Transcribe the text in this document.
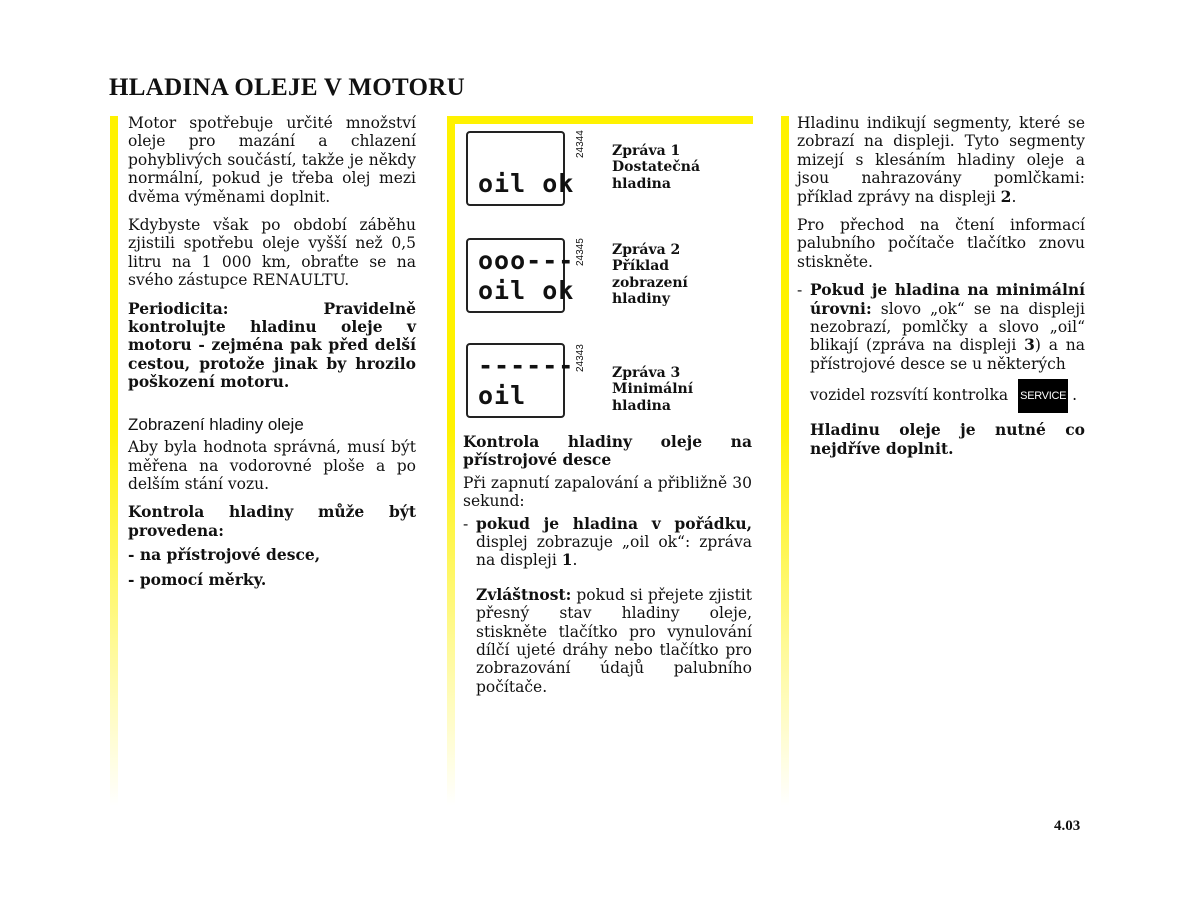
HLADINA OLEJE V MOTORU

Motor spotřebuje určité množství oleje pro mazání a chlazení pohyblivých součástí, takže je někdy normální, pokud je třeba olej mezi dvěma výměnami doplnit.

Kdybyste však po období záběhu zjistili spotřebu oleje vyšší než 0,5 litru na 1 000 km, obraťte se na svého zástupce RENAULTU.

Periodicita: Pravidelně kontrolujte hladinu oleje v motoru - zejména pak před delší cestou, protože jinak by hrozilo poškození motoru.

Zobrazení hladiny oleje

Aby byla hodnota správná, musí být měřena na vodorovné ploše a po delším stání vozu.

Kontrola hladiny může být provedena:

- na přístrojové desce,

- pomocí měrky.

oil ok
24344 Zpráva 1
Dostatečná
hladina
ooo---
oil ok
24345 Zpráva 2
Příklad
zobrazení
hladiny
------
oil
24343
Zpráva 3
Minimální
hladina

Kontrola hladiny oleje na přístrojové desce

Při zapnutí zapalování a přibližně 30 sekund:

- pokud je hladina v pořádku, displej zobrazuje „oil ok“: zpráva na displeji 1.
Zvláštnost: pokud si přejete zjistit přesný stav hladiny oleje, stiskněte tlačítko pro vynulování dílčí ujeté dráhy nebo tlačítko pro zobrazování údajů palubního počítače.

Hladinu indikují segmenty, které se zobrazí na displeji. Tyto segmenty mizejí s klesáním hladiny oleje a jsou nahrazovány pomlčkami: příklad zprávy na displeji 2.

Pro přechod na čtení informací palubního počítače tlačítko znovu stiskněte.

- Pokud je hladina na minimální úrovni: slovo „ok“ se na displeji nezobrazí, pomlčky a slovo „oil“ blikají (zpráva na displeji 3) a na přístrojové desce se u některých
vozidel rozsvítí kontrolka SERVICE .
Hladinu oleje je nutné co nejdříve doplnit.
4.03
